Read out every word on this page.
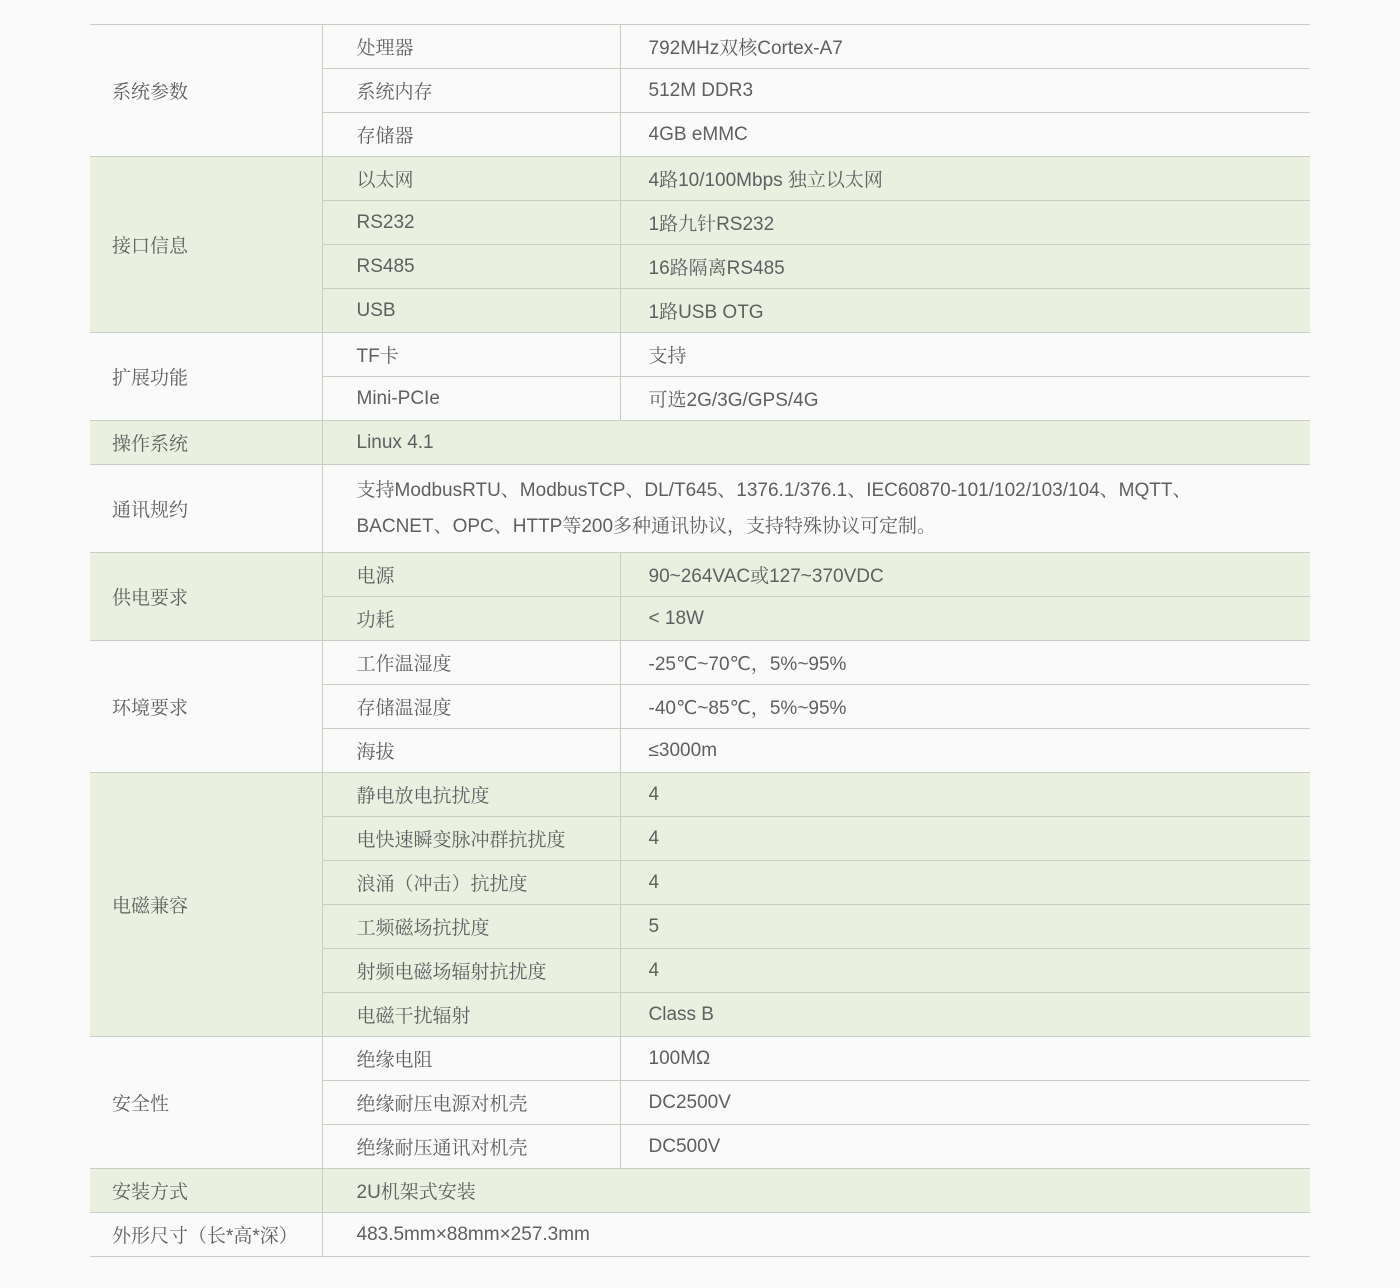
系统参数	处理器	792MHz双核Cortex-A7
	系统内存	512M DDR3
	存储器	4GB eMMC
接口信息	以太网	4路10/100Mbps 独立以太网
	RS232	1路九针RS232
	RS485	16路隔离RS485
	USB	1路USB OTG
扩展功能	TF卡	支持
	Mini-PCIe	可选2G/3G/GPS/4G
操作系统	Linux 4.1	
通讯规约	支持ModbusRTU、ModbusTCP、DL/T645、1376.1/376.1、IEC60870-101/102/103/104、MQTT、BACNET、OPC、HTTP等200多种通讯协议，支持特殊协议可定制。	

供电要求	电源	90~264VAC或127~370VDC
	功耗	< 18W
环境要求	工作温湿度	-25℃~70℃，5%~95%
	存储温湿度	-40℃~85℃，5%~95%
	海拔	≤3000m
电磁兼容	静电放电抗扰度	4
	电快速瞬变脉冲群抗扰度	4
	浪涌（冲击）抗扰度	4
	工频磁场抗扰度	5
	射频电磁场辐射抗扰度	4
	电磁干扰辐射	Class B
安全性	绝缘电阻	100MΩ
	绝缘耐压电源对机壳	DC2500V
	绝缘耐压通讯对机壳	DC500V
安装方式	2U机架式安装	
外形尺寸（长*高*深）	483.5mm×88mm×257.3mm	
